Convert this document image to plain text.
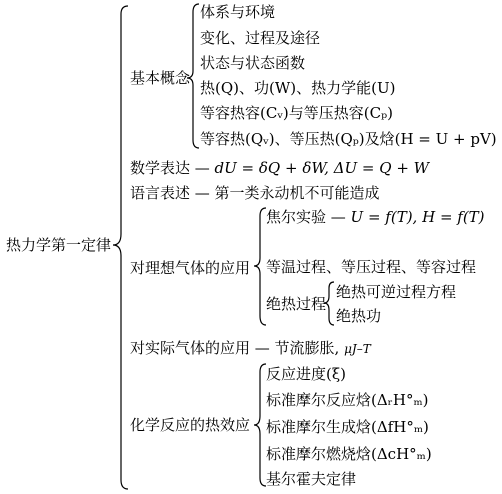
热力学第一定律
基本概念
体系与环境
变化、过程及途径
状态与状态函数
热(Q)、功(W)、热力学能(U)
等容热容(Cᵥ)与等压热容(Cₚ)
等容热(Qᵥ)、等压热(Qₚ)及焓(H = U + pV)
数学表达 — dU = δQ + δW, ΔU = Q + W
语言表述 — 第一类永动机不可能造成
对理想气体的应用
焦尔实验 — U = f(T), H = f(T)
等温过程、等压过程、等容过程
绝热过程
绝热可逆过程方程
绝热功
对实际气体的应用 — 节流膨胀, μJ–T
化学反应的热效应
反应进度(ξ)
标准摩尔反应焓(ΔᵣH°ₘ)
标准摩尔生成焓(ΔfH°ₘ)
标准摩尔燃烧焓(ΔcH°ₘ)
基尔霍夫定律
